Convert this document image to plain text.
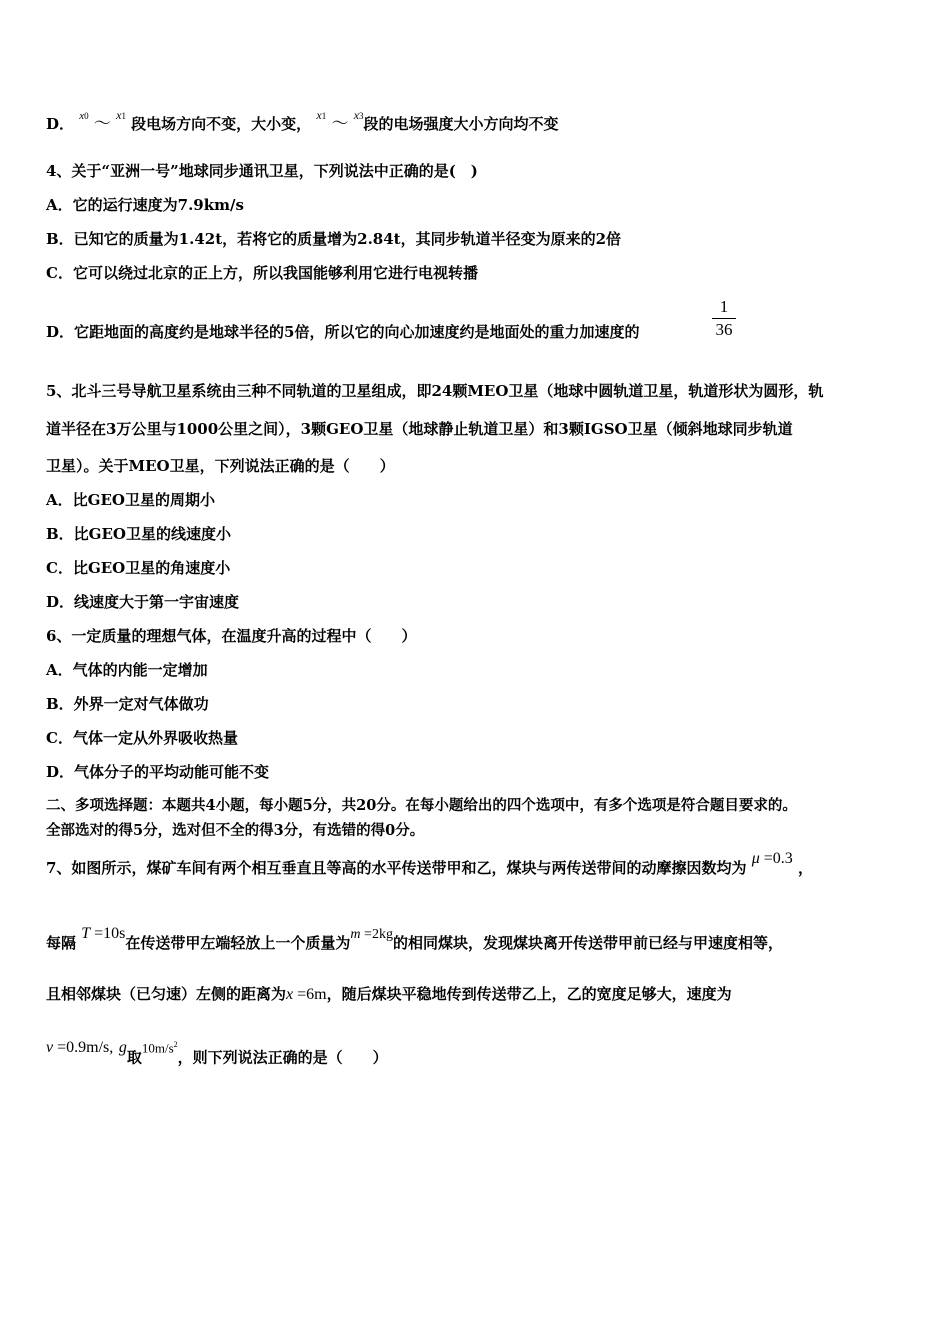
D． x0 ～ x1 段电场方向不变，大小变， x1 ～ x3段的电场强度大小方向均不变
4、关于“亚洲一号”地球同步通讯卫星，下列说法中正确的是(　)
A．它的运行速度为7.9km/s
B．已知它的质量为1.42t，若将它的质量增为2.84t，其同步轨道半径变为原来的2倍
C．它可以绕过北京的正上方，所以我国能够利用它进行电视转播
D．它距地面的高度约是地球半径的5倍，所以它的向心加速度约是地面处的重力加速度的
1
36
5、北斗三号导航卫星系统由三种不同轨道的卫星组成，即24颗MEO卫星（地球中圆轨道卫星，轨道形状为圆形，轨
道半径在3万公里与1000公里之间），3颗GEO卫星（地球静止轨道卫星）和3颗IGSO卫星（倾斜地球同步轨道
卫星）。关于MEO卫星，下列说法正确的是（　　）
A．比GEO卫星的周期小
B．比GEO卫星的线速度小
C．比GEO卫星的角速度小
D．线速度大于第一宇宙速度
6、一定质量的理想气体，在温度升高的过程中（　　）
A．气体的内能一定增加
B．外界一定对气体做功
C．气体一定从外界吸收热量
D．气体分子的平均动能可能不变
二、多项选择题：本题共4小题，每小题5分，共20分。在每小题给出的四个选项中，有多个选项是符合题目要求的。
全部选对的得5分，选对但不全的得3分，有选错的得0分。
7、如图所示，煤矿车间有两个相互垂直且等高的水平传送带甲和乙，煤块与两传送带间的动摩擦因数均为 μ =0.3 ，
每隔 T =10s在传送带甲左端轻放上一个质量为m =2kg的相同煤块，发现煤块离开传送带甲前已经与甲速度相等，
且相邻煤块（已匀速）左侧的距离为x =6m，随后煤块平稳地传到传送带乙上，乙的宽度足够大，速度为
v =0.9m/s, g取$10m/s^2$，则下列说法正确的是（　　）
